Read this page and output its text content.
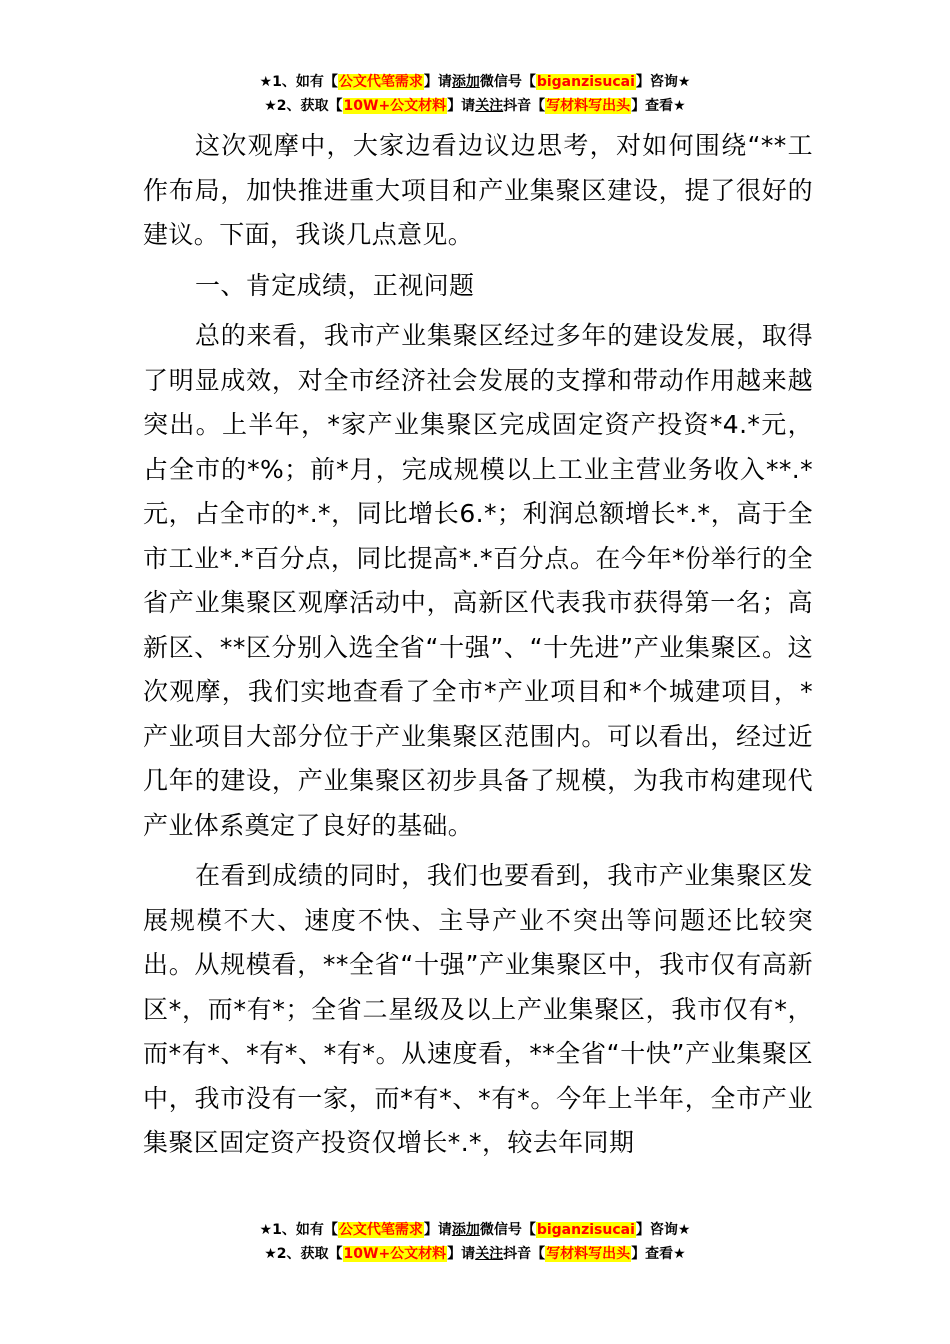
★1、如有【公文代笔需求】请添加微信号【biganzisucai】咨询★
★2、获取【10W+公文材料】请关注抖音【写材料写出头】查看★

这次观摩中，大家边看边议边思考，对如何围绕“**工作布局，加快推进重大项目和产业集聚区建设，提了很好的建议。下面，我谈几点意见。

一、肯定成绩，正视问题

总的来看，我市产业集聚区经过多年的建设发展，取得了明显成效，对全市经济社会发展的支撑和带动作用越来越突出。上半年，*家产业集聚区完成固定资产投资*4.*元，占全市的*%；前*月，完成规模以上工业主营业务收入**.*元，占全市的*.*，同比增长6.*；利润总额增长*.*，高于全市工业*.*百分点，同比提高*.*百分点。在今年*份举行的全省产业集聚区观摩活动中，高新区代表我市获得第一名；高新区、**区分别入选全省“十强”、“十先进”产业集聚区。这次观摩，我们实地查看了全市*产业项目和*个城建项目，*产业项目大部分位于产业集聚区范围内。可以看出，经过近几年的建设，产业集聚区初步具备了规模，为我市构建现代产业体系奠定了良好的基础。

在看到成绩的同时，我们也要看到，我市产业集聚区发展规模不大、速度不快、主导产业不突出等问题还比较突出。从规模看，**全省“十强”产业集聚区中，我市仅有高新区*，而*有*；全省二星级及以上产业集聚区，我市仅有*，而*有*、*有*、*有*。从速度看，**全省“十快”产业集聚区中，我市没有一家，而*有*、*有*。今年上半年，全市产业集聚区固定资产投资仅增长*.*，较去年同期

★1、如有【公文代笔需求】请添加微信号【biganzisucai】咨询★
★2、获取【10W+公文材料】请关注抖音【写材料写出头】查看★
